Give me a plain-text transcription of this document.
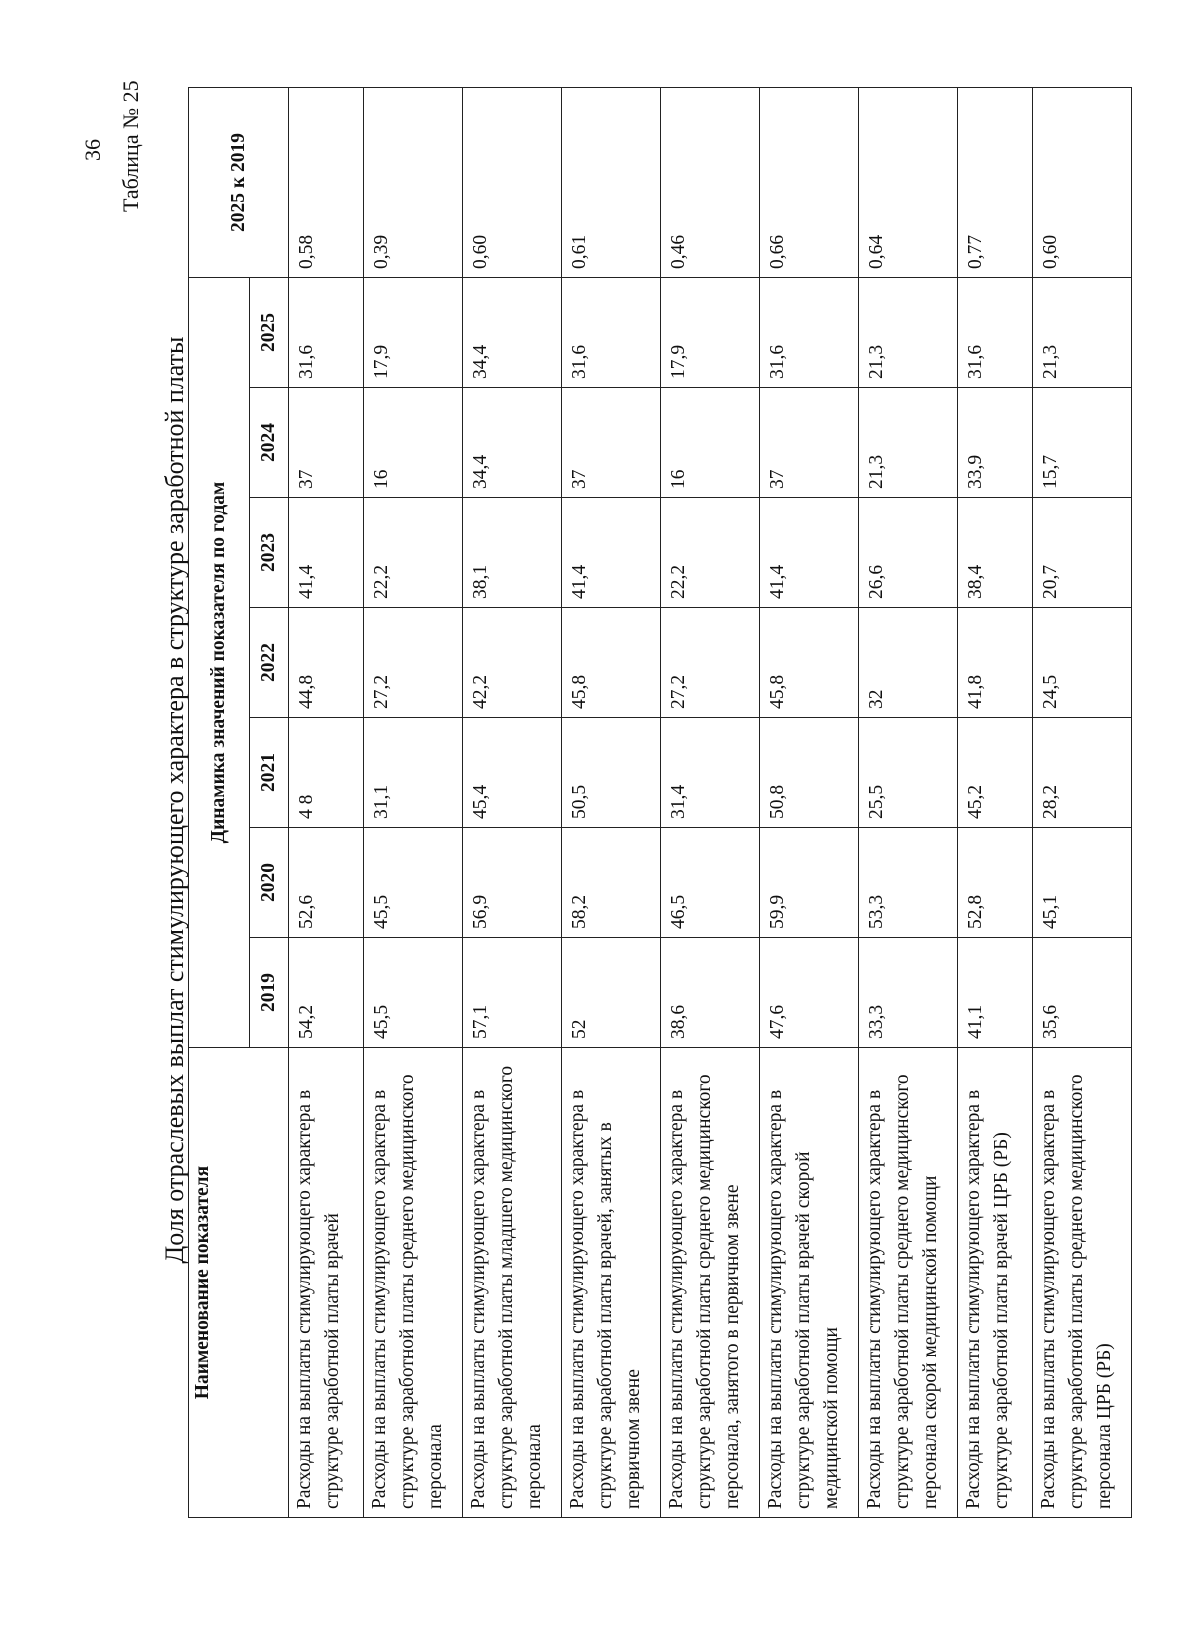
36 Таблица № 25
Доля отраслевых выплат стимулирующего характера в структуре заработной платы
Наименование показателя	Динамика значений показателя по годам							2025 к 2019
	2019	2020	2021	2022	2023	2024	2025	
Расходы на выплаты стимулирующего характера в структуре заработной платы врачей	54,2	52,6	4 8	44,8	41,4	37	31,6	0,58
Расходы на выплаты стимулирующего характера в структуре заработной платы среднего медицинского персонала	45,5	45,5	31,1	27,2	22,2	16	17,9	0,39
Расходы на выплаты стимулирующего характера в структуре заработной платы младшего медицинского персонала	57,1	56,9	45,4	42,2	38,1	34,4	34,4	0,60
Расходы на выплаты стимулирующего характера в структуре заработной платы врачей, занятых в первичном звене	52	58,2	50,5	45,8	41,4	37	31,6	0,61
Расходы на выплаты стимулирующего характера в структуре заработной платы среднего медицинского персонала, занятого в первичном звене	38,6	46,5	31,4	27,2	22,2	16	17,9	0,46
Расходы на выплаты стимулирующего характера в структуре заработной платы врачей скорой медицинской помощи	47,6	59,9	50,8	45,8	41,4	37	31,6	0,66
Расходы на выплаты стимулирующего характера в структуре заработной платы среднего медицинского персонала скорой медицинской помощи	33,3	53,3	25,5	32	26,6	21,3	21,3	0,64
Расходы на выплаты стимулирующего характера в структуре заработной платы врачей ЦРБ (РБ)	41,1	52,8	45,2	41,8	38,4	33,9	31,6	0,77
Расходы на выплаты стимулирующего характера в структуре заработной платы среднего медицинского персонала ЦРБ (РБ)	35,6	45,1	28,2	24,5	20,7	15,7	21,3	0,60
